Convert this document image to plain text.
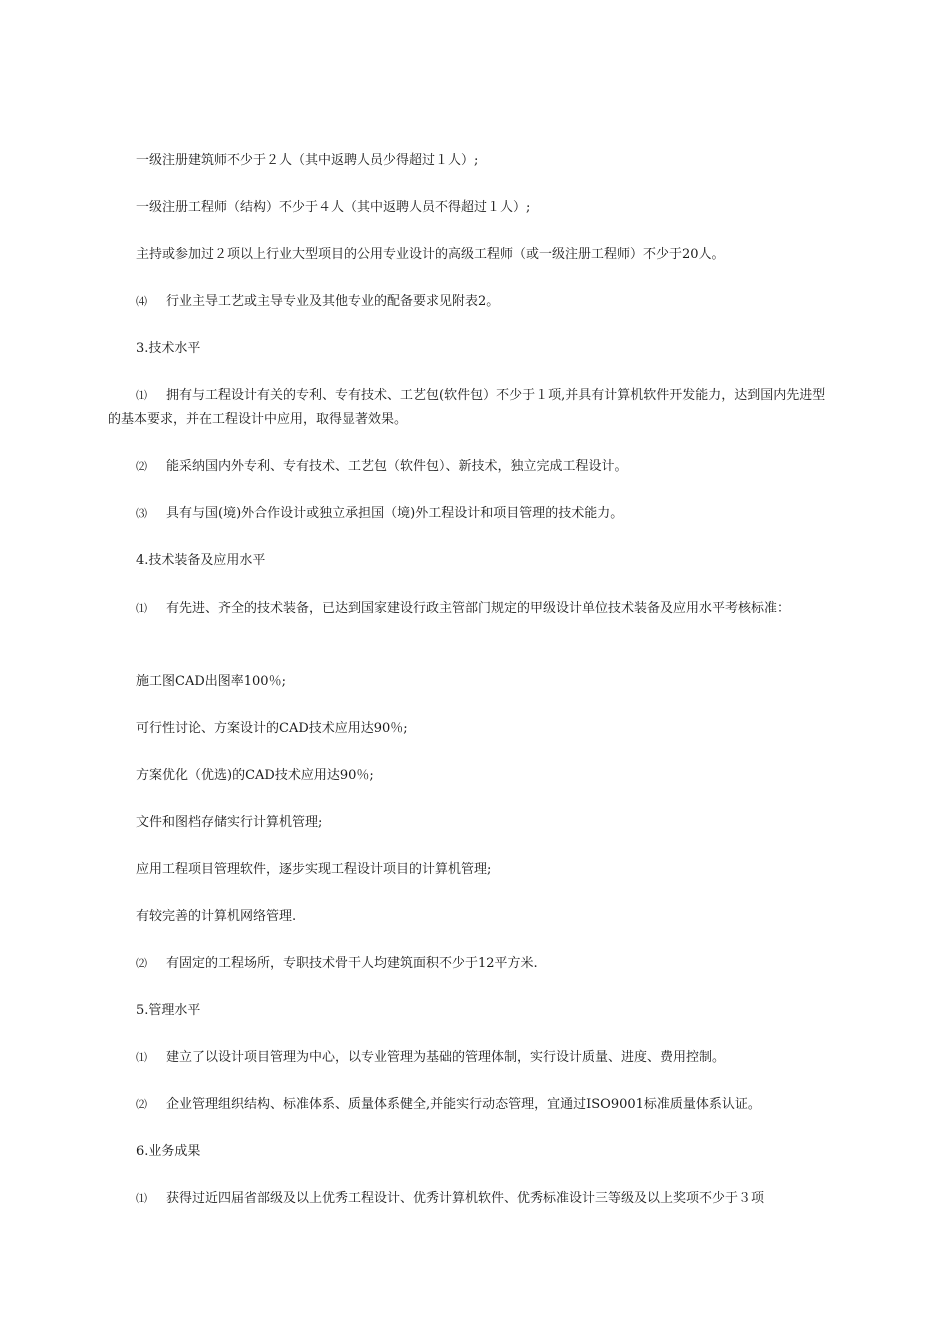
一级注册建筑师不少于２人（其中返聘人员少得超过１人）;

一级注册工程师（结构）不少于４人（其中返聘人员不得超过１人）;

主持或参加过２项以上行业大型项目的公用专业设计的高级工程师（或一级注册工程师）不少于20人。

⑷ 行业主导工艺或主导专业及其他专业的配备要求见附表2。

3.技术水平

⑴ 拥有与工程设计有关的专利、专有技术、工艺包(软件包）不少于１项,并具有计算机软件开发能力，达到国内先进型的基本要求，并在工程设计中应用，取得显著效果。

⑵ 能采纳国内外专利、专有技术、工艺包（软件包）、新技术，独立完成工程设计。

⑶ 具有与国(境)外合作设计或独立承担国（境)外工程设计和项目管理的技术能力。

4.技术装备及应用水平

⑴ 有先进、齐全的技术装备，已达到国家建设行政主管部门规定的甲级设计单位技术装备及应用水平考核标准：

施工图CAD出图率100％;

可行性讨论、方案设计的CAD技术应用达90％;

方案优化（优选)的CAD技术应用达90％;

文件和图档存储实行计算机管理;

应用工程项目管理软件，逐步实现工程设计项目的计算机管理;

有较完善的计算机网络管理.

⑵ 有固定的工程场所，专职技术骨干人均建筑面积不少于12平方米.

5.管理水平

⑴ 建立了以设计项目管理为中心，以专业管理为基础的管理体制，实行设计质量、进度、费用控制。

⑵ 企业管理组织结构、标准体系、质量体系健全,并能实行动态管理，宜通过ISO9001标准质量体系认证。

6.业务成果

⑴ 获得过近四届省部级及以上优秀工程设计、优秀计算机软件、优秀标准设计三等级及以上奖项不少于３项
